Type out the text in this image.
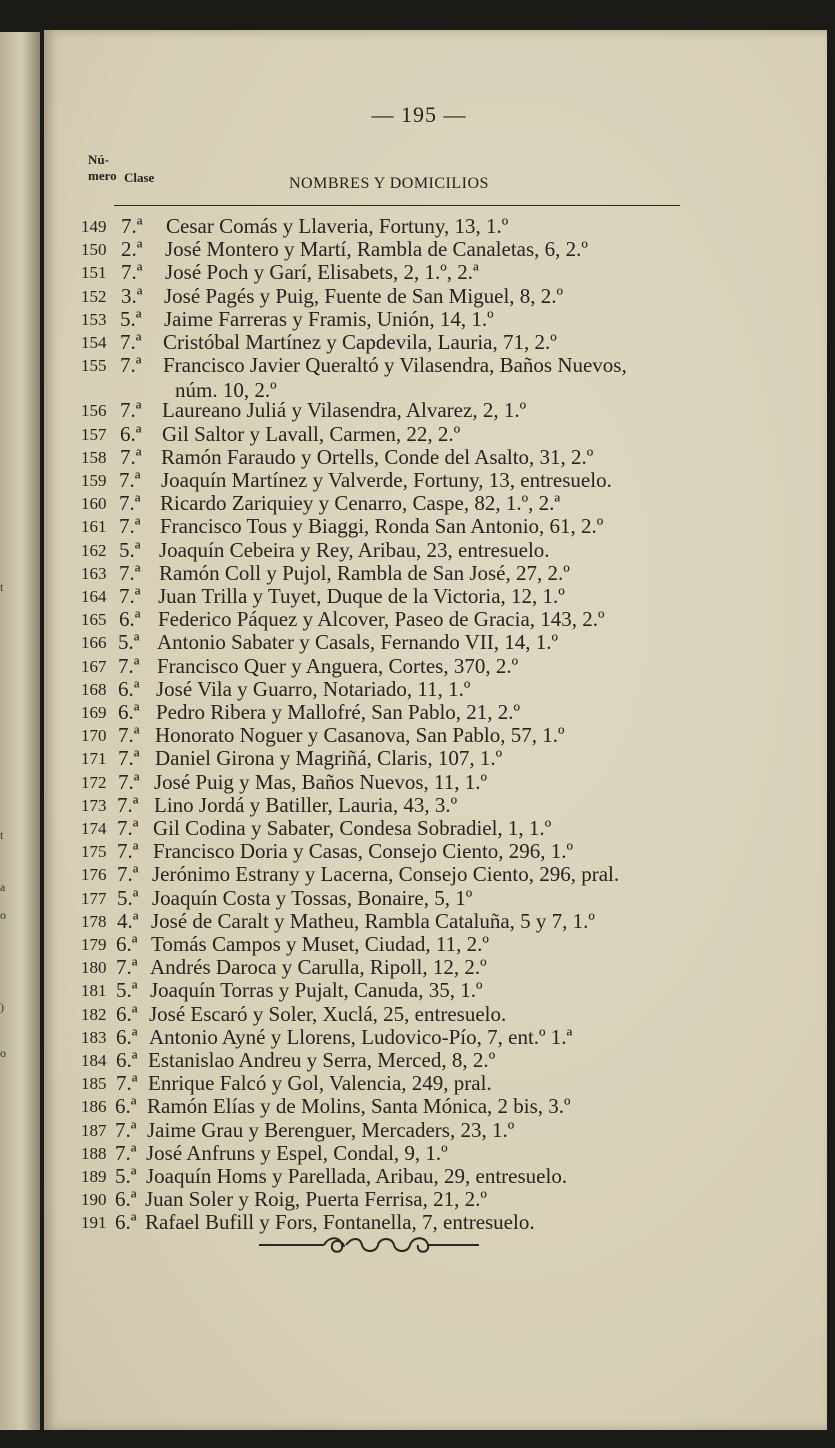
a
o
)
o
t
t
— 195 —
Nú-
mero Clase	NOMBRES Y DOMICILIOS
149 7.ª Cesar Comás y Llaveria, Fortuny, 13, 1.º
150 2.ª José Montero y Martí, Rambla de Canaletas, 6, 2.º
151 7.ª José Poch y Garí, Elisabets, 2, 1.º, 2.ª
152 3.ª José Pagés y Puig, Fuente de San Miguel, 8, 2.º
153 5.ª Jaime Farreras y Framis, Unión, 14, 1.º
154 7.ª Cristóbal Martínez y Capdevila, Lauria, 71, 2.º
155 7.ª Francisco Javier Queraltó y Vilasendra, Baños Nuevos,
núm. 10, 2.º
156 7.ª Laureano Juliá y Vilasendra, Alvarez, 2, 1.º
157 6.ª Gil Saltor y Lavall, Carmen, 22, 2.º
158 7.ª Ramón Faraudo y Ortells, Conde del Asalto, 31, 2.º
159 7.ª Joaquín Martínez y Valverde, Fortuny, 13, entresuelo.
160 7.ª Ricardo Zariquiey y Cenarro, Caspe, 82, 1.º, 2.ª
161 7.ª Francisco Tous y Biaggi, Ronda San Antonio, 61, 2.º
162 5.ª Joaquín Cebeira y Rey, Aribau, 23, entresuelo.
163 7.ª Ramón Coll y Pujol, Rambla de San José, 27, 2.º
164 7.ª Juan Trilla y Tuyet, Duque de la Victoria, 12, 1.º
165 6.ª Federico Páquez y Alcover, Paseo de Gracia, 143, 2.º
166 5.ª Antonio Sabater y Casals, Fernando VII, 14, 1.º
167 7.ª Francisco Quer y Anguera, Cortes, 370, 2.º
168 6.ª José Vila y Guarro, Notariado, 11, 1.º
169 6.ª Pedro Ribera y Mallofré, San Pablo, 21, 2.º
170 7.ª Honorato Noguer y Casanova, San Pablo, 57, 1.º
171 7.ª Daniel Girona y Magriñá, Claris, 107, 1.º
172 7.ª José Puig y Mas, Baños Nuevos, 11, 1.º
173 7.ª Lino Jordá y Batiller, Lauria, 43, 3.º
174 7.ª Gil Codina y Sabater, Condesa Sobradiel, 1, 1.º
175 7.ª Francisco Doria y Casas, Consejo Ciento, 296, 1.º
176 7.ª Jerónimo Estrany y Lacerna, Consejo Ciento, 296, pral.
177 5.ª Joaquín Costa y Tossas, Bonaire, 5, 1º
178 4.ª José de Caralt y Matheu, Rambla Cataluña, 5 y 7, 1.º
179 6.ª Tomás Campos y Muset, Ciudad, 11, 2.º
180 7.ª Andrés Daroca y Carulla, Ripoll, 12, 2.º
181 5.ª Joaquín Torras y Pujalt, Canuda, 35, 1.º
182 6.ª José Escaró y Soler, Xuclá, 25, entresuelo.
183 6.ª Antonio Ayné y Llorens, Ludovico-Pío, 7, ent.º 1.ª
184 6.ª Estanislao Andreu y Serra, Merced, 8, 2.º
185 7.ª Enrique Falcó y Gol, Valencia, 249, pral.
186 6.ª Ramón Elías y de Molins, Santa Mónica, 2 bis, 3.º
187 7.ª Jaime Grau y Berenguer, Mercaders, 23, 1.º
188 7.ª José Anfruns y Espel, Condal, 9, 1.º
189 5.ª Joaquín Homs y Parellada, Aribau, 29, entresuelo.
190 6.ª Juan Soler y Roig, Puerta Ferrisa, 21, 2.º
191 6.ª Rafael Bufill y Fors, Fontanella, 7, entresuelo.
